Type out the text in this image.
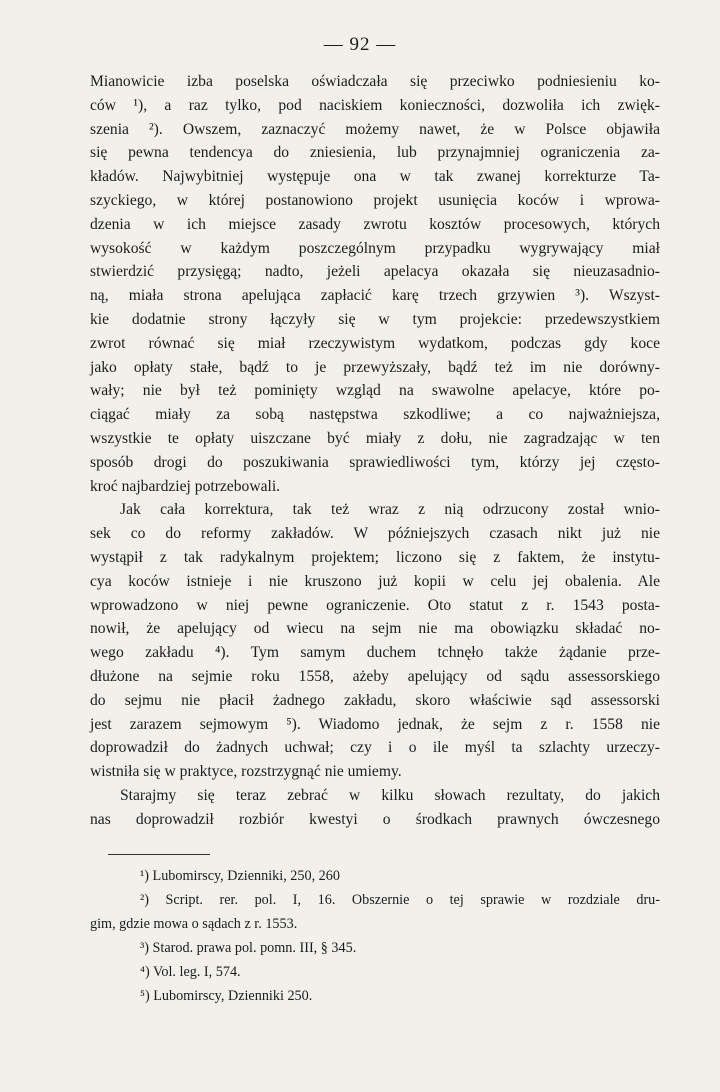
— 92 —
Mianowicie izba poselska oświadczała się przeciwko podniesieniu ko-
ców ¹), a raz tylko, pod naciskiem konieczności, dozwoliła ich zwięk-
szenia ²). Owszem, zaznaczyć możemy nawet, że w Polsce objawiła
się pewna tendencya do zniesienia, lub przynajmniej ograniczenia za-
kładów. Najwybitniej występuje ona w tak zwanej korrekturze Ta-
szyckiego, w której postanowiono projekt usunięcia koców i wprowa-
dzenia w ich miejsce zasady zwrotu kosztów procesowych, których
wysokość w każdym poszczególnym przypadku wygrywający miał
stwierdzić przysięgą; nadto, jeżeli apelacya okazała się nieuzasadnio-
ną, miała strona apelująca zapłacić karę trzech grzywien ³). Wszyst-
kie dodatnie strony łączyły się w tym projekcie: przedewszystkiem
zwrot równać się miał rzeczywistym wydatkom, podczas gdy koce
jako opłaty stałe, bądź to je przewyższały, bądź też im nie dorówny-
wały; nie był też pominięty wzgląd na swawolne apelacye, które po-
ciągać miały za sobą następstwa szkodliwe; a co najważniejsza,
wszystkie te opłaty uiszczane być miały z dołu, nie zagradzając w ten
sposób drogi do poszukiwania sprawiedliwości tym, którzy jej często-
kroć najbardziej potrzebowali.
Jak cała korrektura, tak też wraz z nią odrzucony został wnio-
sek co do reformy zakładów. W późniejszych czasach nikt już nie
wystąpił z tak radykalnym projektem; liczono się z faktem, że instytu-
cya koców istnieje i nie kruszono już kopii w celu jej obalenia. Ale
wprowadzono w niej pewne ograniczenie. Oto statut z r. 1543 posta-
nowił, że apelujący od wiecu na sejm nie ma obowiązku składać no-
wego zakładu ⁴). Tym samym duchem tchnęło także żądanie prze-
dłużone na sejmie roku 1558, ażeby apelujący od sądu assessorskiego
do sejmu nie płacił żadnego zakładu, skoro właściwie sąd assessorski
jest zarazem sejmowym ⁵). Wiadomo jednak, że sejm z r. 1558 nie
doprowadził do żadnych uchwał; czy i o ile myśl ta szlachty urzeczy-
wistniła się w praktyce, rozstrzygnąć nie umiemy.
Starajmy się teraz zebrać w kilku słowach rezultaty, do jakich
nas doprowadził rozbiór kwestyi o środkach prawnych ówczesnego
¹) Lubomirscy, Dzienniki, 250, 260
²) Script. rer. pol. I, 16. Obszernie o tej sprawie w rozdziale dru-
gim, gdzie mowa o sądach z r. 1553.
³) Starod. prawa pol. pomn. III, § 345.
⁴) Vol. leg. I, 574.
⁵) Lubomirscy, Dzienniki 250.
